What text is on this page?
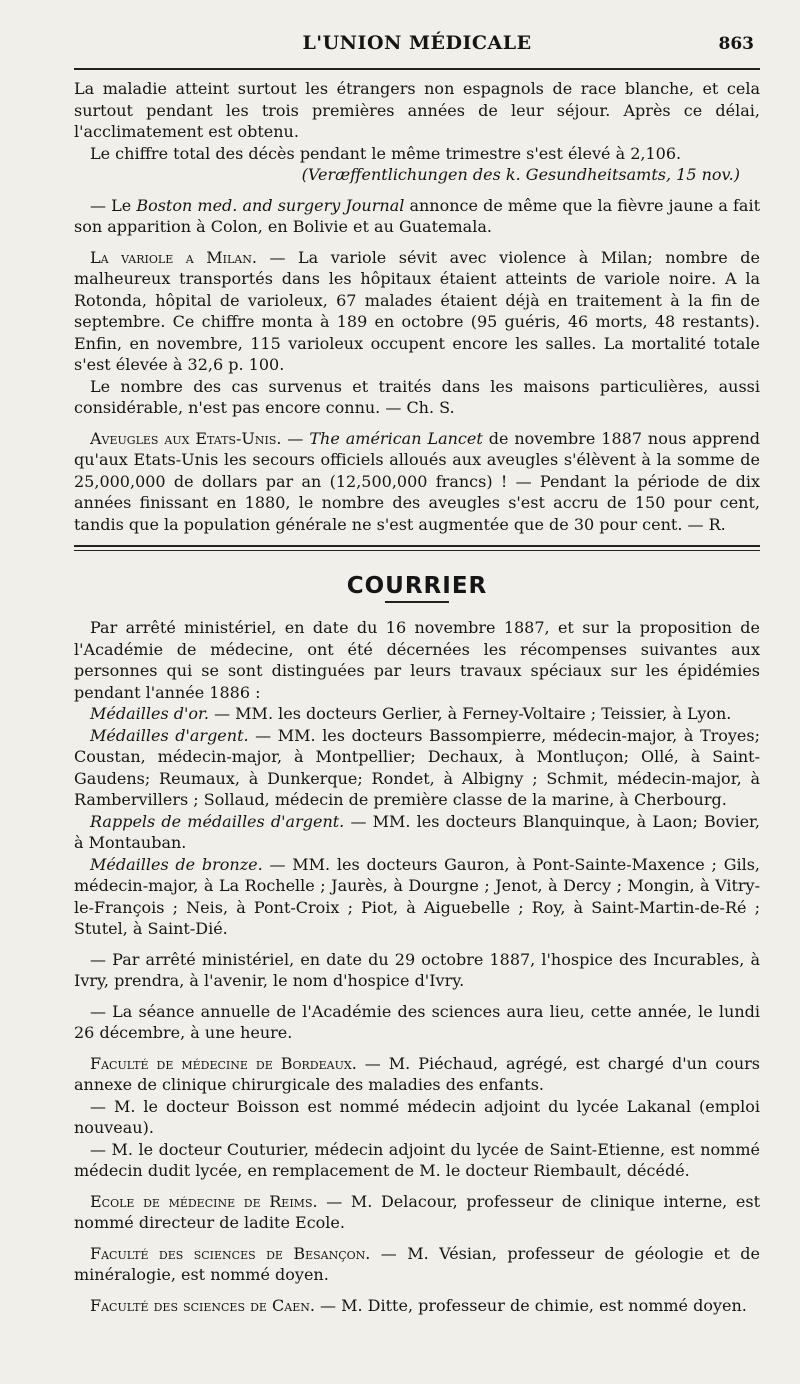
L'UNION MÉDICALE	863

La maladie atteint surtout les étrangers non espagnols de race blanche, et cela surtout pendant les trois premières années de leur séjour. Après ce délai, l'acclimatement est obtenu.

Le chiffre total des décès pendant le même trimestre s'est élevé à 2,106.

(Veræffentlichungen des k. Gesundheitsamts, 15 nov.)

— Le Boston med. and surgery Journal annonce de même que la fièvre jaune a fait son apparition à Colon, en Bolivie et au Guatemala.

La variole a Milan. — La variole sévit avec violence à Milan; nombre de malheureux transportés dans les hôpitaux étaient atteints de variole noire. A la Rotonda, hôpital de varioleux, 67 malades étaient déjà en traitement à la fin de septembre. Ce chiffre monta à 189 en octobre (95 guéris, 46 morts, 48 restants). Enfin, en novembre, 115 varioleux occupent encore les salles. La mortalité totale s'est élevée à 32,6 p. 100.

Le nombre des cas survenus et traités dans les maisons particulières, aussi considérable, n'est pas encore connu. — Ch. S.

Aveugles aux Etats-Unis. — The américan Lancet de novembre 1887 nous apprend qu'aux Etats-Unis les secours officiels alloués aux aveugles s'élèvent à la somme de 25,000,000 de dollars par an (12,500,000 francs) ! — Pendant la période de dix années finissant en 1880, le nombre des aveugles s'est accru de 150 pour cent, tandis que la population générale ne s'est augmentée que de 30 pour cent. — R.

COURRIER

Par arrêté ministériel, en date du 16 novembre 1887, et sur la proposition de l'Académie de médecine, ont été décernées les récompenses suivantes aux personnes qui se sont distinguées par leurs travaux spéciaux sur les épidémies pendant l'année 1886 :

Médailles d'or. — MM. les docteurs Gerlier, à Ferney-Voltaire ; Teissier, à Lyon.

Médailles d'argent. — MM. les docteurs Bassompierre, médecin-major, à Troyes; Coustan, médecin-major, à Montpellier; Dechaux, à Montluçon; Ollé, à Saint-Gaudens; Reumaux, à Dunkerque; Rondet, à Albigny ; Schmit, médecin-major, à Rambervillers ; Sollaud, médecin de première classe de la marine, à Cherbourg.

Rappels de médailles d'argent. — MM. les docteurs Blanquinque, à Laon; Bovier, à Montauban.

Médailles de bronze. — MM. les docteurs Gauron, à Pont-Sainte-Maxence ; Gils, médecin-major, à La Rochelle ; Jaurès, à Dourgne ; Jenot, à Dercy ; Mongin, à Vitry-le-François ; Neis, à Pont-Croix ; Piot, à Aiguebelle ; Roy, à Saint-Martin-de-Ré ; Stutel, à Saint-Dié.

— Par arrêté ministériel, en date du 29 octobre 1887, l'hospice des Incurables, à Ivry, prendra, à l'avenir, le nom d'hospice d'Ivry.

— La séance annuelle de l'Académie des sciences aura lieu, cette année, le lundi 26 décembre, à une heure.

Faculté de médecine de Bordeaux. — M. Piéchaud, agrégé, est chargé d'un cours annexe de clinique chirurgicale des maladies des enfants.

— M. le docteur Boisson est nommé médecin adjoint du lycée Lakanal (emploi nouveau).

— M. le docteur Couturier, médecin adjoint du lycée de Saint-Etienne, est nommé médecin dudit lycée, en remplacement de M. le docteur Riembault, décédé.

Ecole de médecine de Reims. — M. Delacour, professeur de clinique interne, est nommé directeur de ladite Ecole.

Faculté des sciences de Besançon. — M. Vésian, professeur de géologie et de minéralogie, est nommé doyen.

Faculté des sciences de Caen. — M. Ditte, professeur de chimie, est nommé doyen.
